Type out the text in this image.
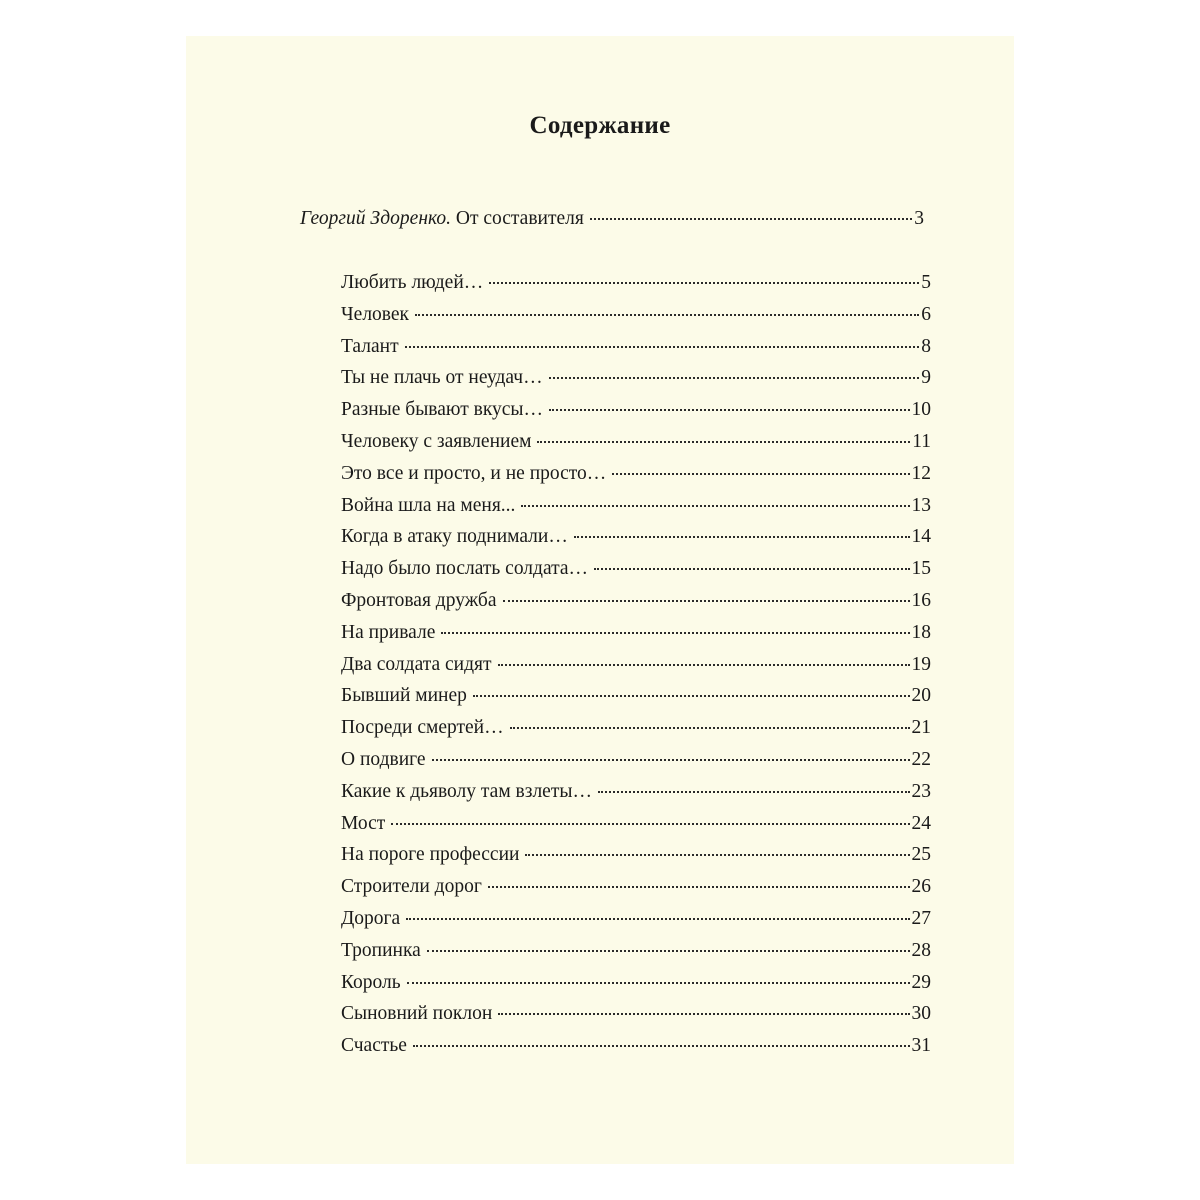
Содержание
Георгий Здоренко. От составителя	3
Любить людей…	5
Человек	6
Талант	8
Ты не плачь от неудач…	9
Разные бывают вкусы…	10
Человеку с заявлением	11
Это все и просто, и не просто…	12
Война шла на меня...	13
Когда в атаку поднимали…	14
Надо было послать солдата…	15
Фронтовая дружба	16
На привале	18
Два солдата сидят	19
Бывший минер	20
Посреди смертей…	21
О подвиге	22
Какие к дьяволу там взлеты…	23
Мост	24
На пороге профессии	25
Строители дорог	26
Дорога	27
Тропинка	28
Король	29
Сыновний поклон	30
Счастье	31
